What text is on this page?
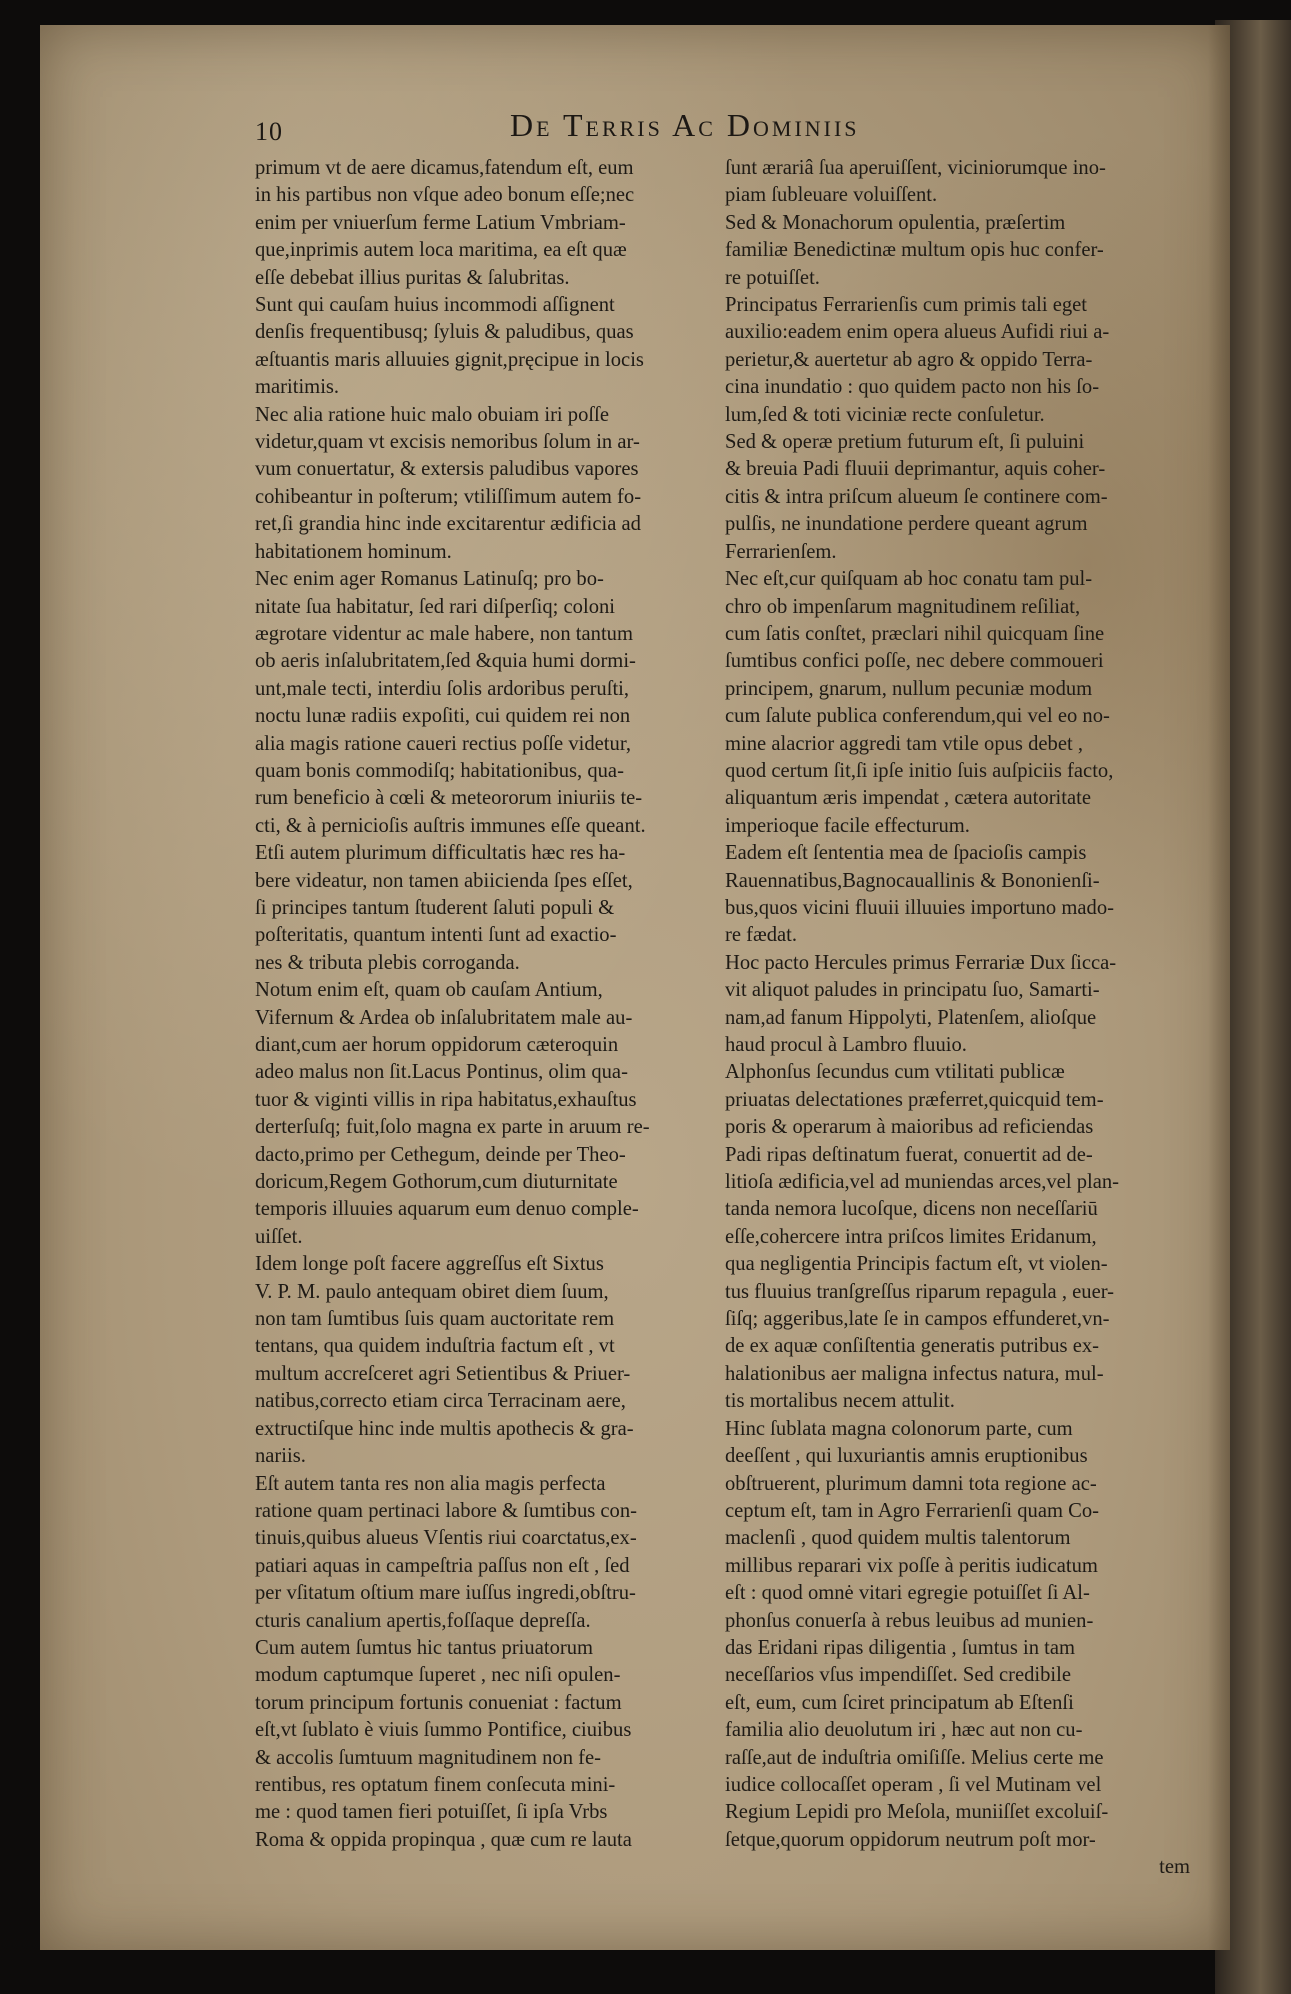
10	De Terris Ac Dominiis

primum vt de aere dicamus,fatendum eſt, eum
in his partibus non vſque adeo bonum eſſe;nec
enim per vniuerſum ferme Latium Vmbriam-
que,inprimis autem loca maritima, ea eſt quæ
eſſe debebat illius puritas & ſalubritas.

Sunt qui cauſam huius incommodi aſſignent
denſis frequentibusq; ſyluis & paludibus, quas
æſtuantis maris alluuies gignit,pręcipue in locis
maritimis.

Nec alia ratione huic malo obuiam iri poſſe
videtur,quam vt excisis nemoribus ſolum in ar-
vum conuertatur, & extersis paludibus vapores
cohibeantur in poſterum; vtiliſſimum autem fo-
ret,ſi grandia hinc inde excitarentur ædificia ad
habitationem hominum.

Nec enim ager Romanus Latinuſq; pro bo-
nitate ſua habitatur, ſed rari diſperſiq; coloni
ægrotare videntur ac male habere, non tantum
ob aeris inſalubritatem,ſed &quia humi dormi-
unt,male tecti, interdiu ſolis ardoribus peruſti,
noctu lunæ radiis expoſiti, cui quidem rei non
alia magis ratione caueri rectius poſſe videtur,
quam bonis commodiſq; habitationibus, qua-
rum beneficio à cœli & meteororum iniuriis te-
cti, & à pernicioſis auſtris immunes eſſe queant.

Etſi autem plurimum difficultatis hæc res ha-
bere videatur, non tamen abiicienda ſpes eſſet,
ſi principes tantum ſtuderent ſaluti populi &
poſteritatis, quantum intenti ſunt ad exactio-
nes & tributa plebis corroganda.

Notum enim eſt, quam ob cauſam Antium,
Vifernum & Ardea ob inſalubritatem male au-
diant,cum aer horum oppidorum cæteroquin
adeo malus non ſit.Lacus Pontinus, olim qua-
tuor & viginti villis in ripa habitatus,exhauſtus
derterſuſq; fuit,ſolo magna ex parte in aruum re-
dacto,primo per Cethegum, deinde per Theo-
doricum,Regem Gothorum,cum diuturnitate
temporis illuuies aquarum eum denuo comple-
uiſſet.

Idem longe poſt facere aggreſſus eſt Sixtus
V. P. M. paulo antequam obiret diem ſuum,
non tam ſumtibus ſuis quam auctoritate rem
tentans, qua quidem induſtria factum eſt , vt
multum accreſceret agri Setientibus & Priuer-
natibus,correcto etiam circa Terracinam aere,
extructiſque hinc inde multis apothecis & gra-
nariis.

Eſt autem tanta res non alia magis perfecta
ratione quam pertinaci labore & ſumtibus con-
tinuis,quibus alueus Vſentis riui coarctatus,ex-
patiari aquas in campeſtria paſſus non eſt , ſed
per vſitatum oſtium mare iuſſus ingredi,obſtru-
cturis canalium apertis,foſſaque depreſſa.

Cum autem ſumtus hic tantus priuatorum
modum captumque ſuperet , nec niſi opulen-
torum principum fortunis conueniat : factum
eſt,vt ſublato è viuis ſummo Pontifice, ciuibus
& accolis ſumtuum magnitudinem non fe-
rentibus, res optatum finem conſecuta mini-
me : quod tamen fieri potuiſſet, ſi ipſa Vrbs
Roma & oppida propinqua , quæ cum re lauta

ſunt ærariâ ſua aperuiſſent, viciniorumque ino-
piam ſubleuare voluiſſent.

Sed & Monachorum opulentia, præſertim
familiæ Benedictinæ multum opis huc confer-
re potuiſſet.

Principatus Ferrarienſis cum primis tali eget
auxilio:eadem enim opera alueus Aufidi riui a-
perietur,& auertetur ab agro & oppido Terra-
cina inundatio : quo quidem pacto non his ſo-
lum,ſed & toti viciniæ recte conſuletur.

Sed & operæ pretium futurum eſt, ſi puluini
& breuia Padi fluuii deprimantur, aquis coher-
citis & intra priſcum alueum ſe continere com-
pulſis, ne inundatione perdere queant agrum
Ferrarienſem.

Nec eſt,cur quiſquam ab hoc conatu tam pul-
chro ob impenſarum magnitudinem reſiliat,
cum ſatis conſtet, præclari nihil quicquam ſine
ſumtibus confici poſſe, nec debere commoueri
principem, gnarum, nullum pecuniæ modum
cum ſalute publica conferendum,qui vel eo no-
mine alacrior aggredi tam vtile opus debet ,
quod certum ſit,ſi ipſe initio ſuis auſpiciis facto,
aliquantum æris impendat , cætera autoritate
imperioque facile effecturum.

Eadem eſt ſententia mea de ſpacioſis campis
Rauennatibus,Bagnocauallinis & Bononienſi-
bus,quos vicini fluuii illuuies importuno mado-
re fædat.

Hoc pacto Hercules primus Ferrariæ Dux ſicca-
vit aliquot paludes in principatu ſuo, Samarti-
nam,ad fanum Hippolyti, Platenſem, alioſque
haud procul à Lambro fluuio.

Alphonſus ſecundus cum vtilitati publicæ
priuatas delectationes præferret,quicquid tem-
poris & operarum à maioribus ad reficiendas
Padi ripas deſtinatum fuerat, conuertit ad de-
litioſa ædificia,vel ad muniendas arces,vel plan-
tanda nemora lucoſque, dicens non neceſſariū
eſſe,cohercere intra priſcos limites Eridanum,
qua negligentia Principis factum eſt, vt violen-
tus fluuius tranſgreſſus riparum repagula , euer-
ſiſq; aggeribus,late ſe in campos effunderet,vn-
de ex aquæ conſiſtentia generatis putribus ex-
halationibus aer maligna infectus natura, mul-
tis mortalibus necem attulit.

Hinc ſublata magna colonorum parte, cum
deeſſent , qui luxuriantis amnis eruptionibus
obſtruerent, plurimum damni tota regione ac-
ceptum eſt, tam in Agro Ferrarienſi quam Co-
maclenſi , quod quidem multis talentorum
millibus reparari vix poſſe à peritis iudicatum
eſt : quod omnė vitari egregie potuiſſet ſi Al-
phonſus conuerſa à rebus leuibus ad munien-
das Eridani ripas diligentia , ſumtus in tam
neceſſarios vſus impendiſſet. Sed credibile
eſt, eum, cum ſciret principatum ab Eſtenſi
familia alio deuolutum iri , hæc aut non cu-
raſſe,aut de induſtria omiſiſſe. Melius certe me
iudice collocaſſet operam , ſi vel Mutinam vel
Regium Lepidi pro Meſola, muniiſſet excoluiſ-
ſetque,quorum oppidorum neutrum poſt mor-

tem
